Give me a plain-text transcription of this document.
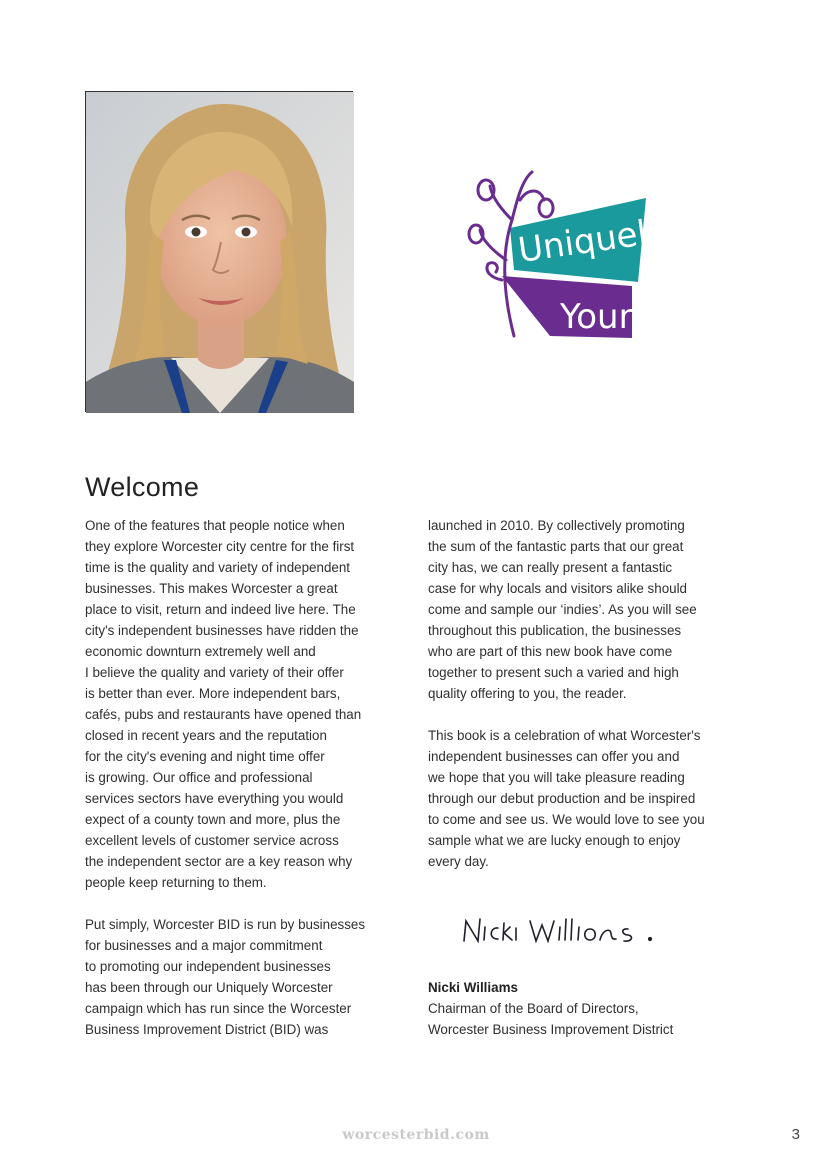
Uniquely
Yours
Welcome

One of the features that people notice when
they explore Worcester city centre for the first
time is the quality and variety of independent
businesses. This makes Worcester a great
place to visit, return and indeed live here. The
city's independent businesses have ridden the
economic downturn extremely well and
I believe the quality and variety of their offer
is better than ever. More independent bars,
cafés, pubs and restaurants have opened than
closed in recent years and the reputation
for the city's evening and night time offer
is growing. Our office and professional
services sectors have everything you would
expect of a county town and more, plus the
excellent levels of customer service across
the independent sector are a key reason why
people keep returning to them.

Put simply, Worcester BID is run by businesses
for businesses and a major commitment
to promoting our independent businesses
has been through our Uniquely Worcester
campaign which has run since the Worcester
Business Improvement District (BID) was

launched in 2010. By collectively promoting
the sum of the fantastic parts that our great
city has, we can really present a fantastic
case for why locals and visitors alike should
come and sample our ‘indies’. As you will see
throughout this publication, the businesses
who are part of this new book have come
together to present such a varied and high
quality offering to you, the reader.

This book is a celebration of what Worcester's
independent businesses can offer you and
we hope that you will take pleasure reading
through our debut production and be inspired
to come and see us. We would love to see you
sample what we are lucky enough to enjoy
every day.

Nicki Williams
Chairman of the Board of Directors,
Worcester Business Improvement District
worcesterbid.com	3
